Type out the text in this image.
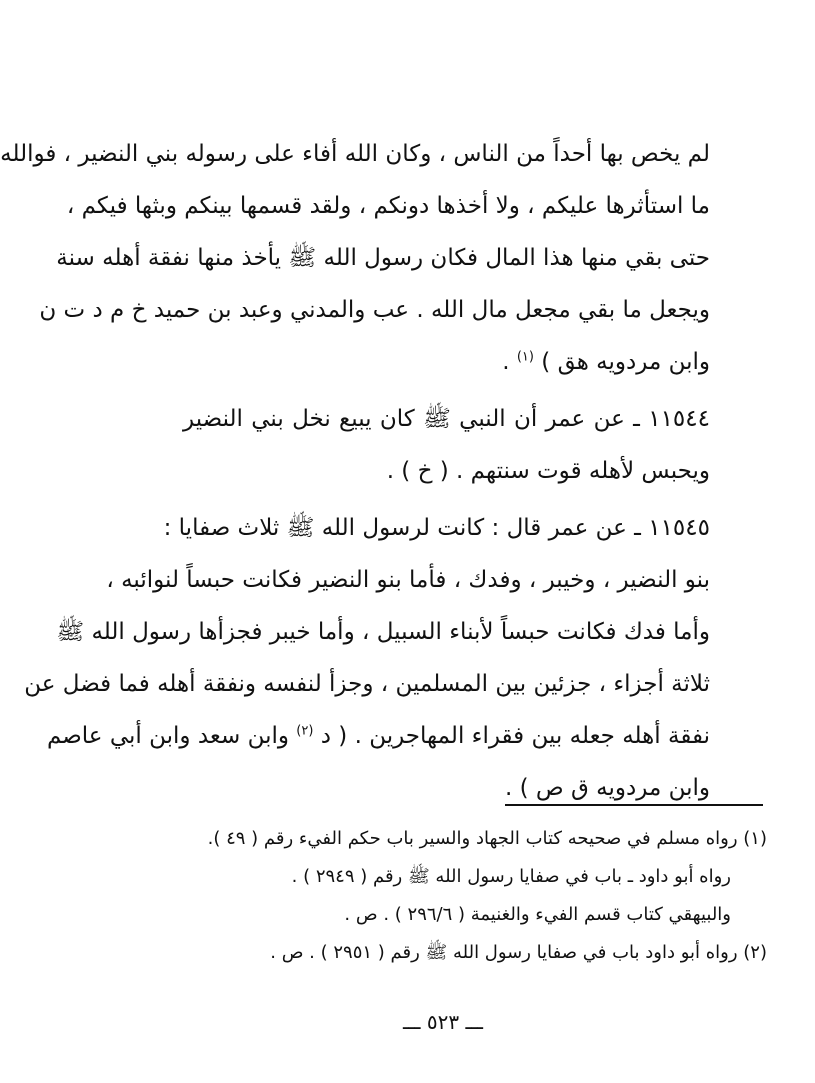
لم يخص بها أحداً من الناس ، وكان الله أفاء على رسوله بني النضير ، فوالله
ما استأثرها عليكم ، ولا أخذها دونكم ، ولقد قسمها بينكم وبثها فيكم ،
حتى بقي منها هذا المال فكان رسول الله ﷺ يأخذ منها نفقة أهله سنة
ويجعل ما بقي مجعل مال الله . عب والمدني وعبد بن حميد خ م د ت ن
وابن مردويه هق ) $^{(١)}$ .
١١٥٤٤ ـ عن عمر أن النبي ﷺ كان يبيع نخل بني النضير
ويحبس لأهله قوت سنتهم . ( خ ) .
١١٥٤٥ ـ عن عمر قال : كانت لرسول الله ﷺ ثلاث صفايا :
بنو النضير ، وخيبر ، وفدك ، فأما بنو النضير فكانت حبساً لنوائبه ،
وأما فدك فكانت حبساً لأبناء السبيل ، وأما خيبر فجزأها رسول الله ﷺ
ثلاثة أجزاء ، جزئين بين المسلمين ، وجزأ لنفسه ونفقة أهله فما فضل عن
نفقة أهله جعله بين فقراء المهاجرين . ( د $^{(٢)}$ وابن سعد وابن أبي عاصم
وابن مردويه ق ص ) .
(١) رواه مسلم في صحيحه كتاب الجهاد والسير باب حكم الفيء رقم ( ٤٩ ).
رواه أبو داود ـ باب في صفايا رسول الله ﷺ رقم ( ٢٩٤٩ ) .
والبيهقي كتاب قسم الفيء والغنيمة ( ٢٩٦/٦ ) . ص .
(٢) رواه أبو داود باب في صفايا رسول الله ﷺ رقم ( ٢٩٥١ ) . ص .
ـــ ٥٢٣ ـــ
